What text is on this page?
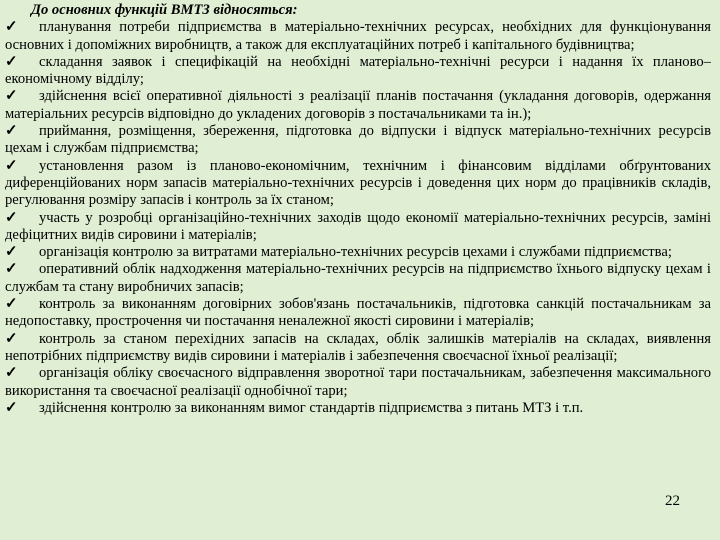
До основних функцій ВМТЗ відносяться:

✓ планування потреби підприємства в матеріально-технічних ресурсах, необхідних для функціонування основних і допоміжних виробництв, а також для експлуатаційних потреб і капітального будівництва;

✓ складання заявок і специфікацій на необхідні матеріально-технічні ресурси і надання їх планово–економічному відділу;

✓ здійснення всієї оперативної діяльності з реалізації планів постачання (укладання договорів, одержання матеріальних ресурсів відповідно до укладених договорів з постачальниками та ін.);

✓ приймання, розміщення, збереження, підготовка до відпуски і відпуск матеріально-технічних ресурсів цехам і службам підприємства;

✓ установлення разом із планово-економічним, технічним і фінансовим відділами обґрунтованих диференційованих норм запасів матеріально-технічних ресурсів і доведення цих норм до працівників складів, регулювання розміру запасів і контроль за їх станом;

✓ участь у розробці організаційно-технічних заходів щодо економії матеріально-технічних ресурсів, заміні дефіцитних видів сировини і матеріалів;

✓ організація контролю за витратами матеріально-технічних ресурсів цехами і службами підприємства;

✓ оперативний облік надходження матеріально-технічних ресурсів на підприємство їхнього відпуску цехам і службам та стану виробничих запасів;

✓ контроль за виконанням договірних зобов'язань постачальників, підготовка санкцій постачальникам за недопоставку, прострочення чи постачання неналежної якості сировини і матеріалів;

✓ контроль за станом перехідних запасів на складах, облік залишків матеріалів на складах, виявлення непотрібних підприємству видів сировини і матеріалів і забезпечення своєчасної їхньої реалізації;

✓ організація обліку своєчасного відправлення зворотної тари постачальникам, забезпечення максимального використання та своєчасної реалізації однобічної тари;

✓ здійснення контролю за виконанням вимог стандартів підприємства з питань МТЗ і т.п.

22
